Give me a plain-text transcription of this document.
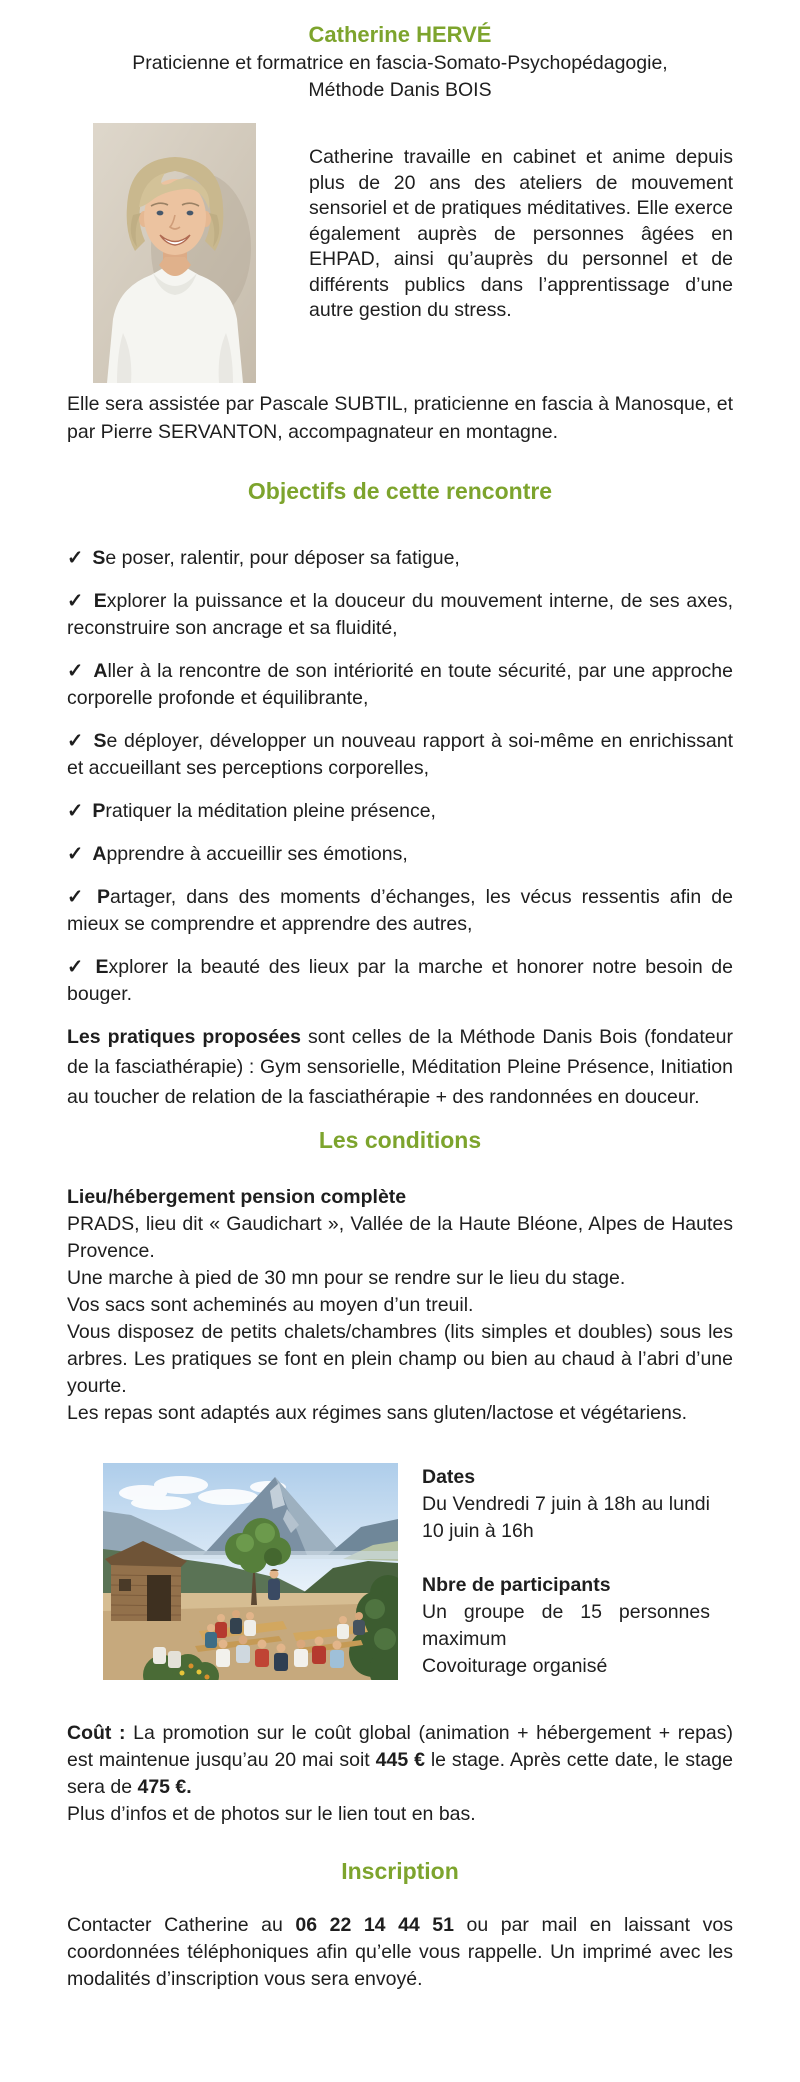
Catherine HERVÉ

Praticienne et formatrice en fascia-Somato-Psychopédagogie,

Méthode Danis BOIS

Catherine travaille en cabinet et anime depuis plus de 20 ans des ateliers de mouvement sensoriel et de pratiques méditatives. Elle exerce également auprès de personnes âgées en EHPAD, ainsi qu’auprès du personnel et de différents publics dans l’apprentissage d’une autre gestion du stress.

Elle sera assistée par Pascale SUBTIL, praticienne en fascia à Manosque, et par Pierre SERVANTON, accompagnateur en montagne.

Objectifs de cette rencontre
✓ Se poser, ralentir, pour déposer sa fatigue,
✓ Explorer la puissance et la douceur du mouvement interne, de ses axes, reconstruire son ancrage et sa fluidité,
✓ Aller à la rencontre de son intériorité en toute sécurité, par une approche corporelle profonde et équilibrante,
✓ Se déployer, développer un nouveau rapport à soi-même en enrichissant et accueillant ses perceptions corporelles,
✓ Pratiquer la méditation pleine présence,
✓ Apprendre à accueillir ses émotions,
✓ Partager, dans des moments d’échanges, les vécus ressentis afin de mieux se comprendre et apprendre des autres,
✓ Explorer la beauté des lieux par la marche et honorer notre besoin de bouger.

Les pratiques proposées sont celles de la Méthode Danis Bois (fondateur de la fasciathérapie) : Gym sensorielle, Méditation Pleine Présence, Initiation au toucher de relation de la fasciathérapie + des randonnées en douceur.

Les conditions

Lieu/hébergement pension complète

PRADS, lieu dit « Gaudichart », Vallée de la Haute Bléone, Alpes de Hautes Provence.

Une marche à pied de 30 mn pour se rendre sur le lieu du stage.

Vos sacs sont acheminés au moyen d’un treuil.

Vous disposez de petits chalets/chambres (lits simples et doubles) sous les arbres. Les pratiques se font en plein champ ou bien au chaud à l’abri d’une yourte.

Les repas sont adaptés aux régimes sans gluten/lactose et végétariens.

Dates

Du Vendredi 7 juin à 18h au lundi 10 juin à 16h

Nbre de participants

Un groupe de 15 personnes maximum

Covoiturage organisé

Coût : La promotion sur le coût global (animation + hébergement + repas) est maintenue jusqu’au 20 mai soit 445 € le stage. Après cette date, le stage sera de 475 €.

Plus d’infos et de photos sur le lien tout en bas.

Inscription

Contacter Catherine au 06 22 14 44 51 ou par mail en laissant vos coordonnées téléphoniques afin qu’elle vous rappelle. Un imprimé avec les modalités d’inscription vous sera envoyé.
